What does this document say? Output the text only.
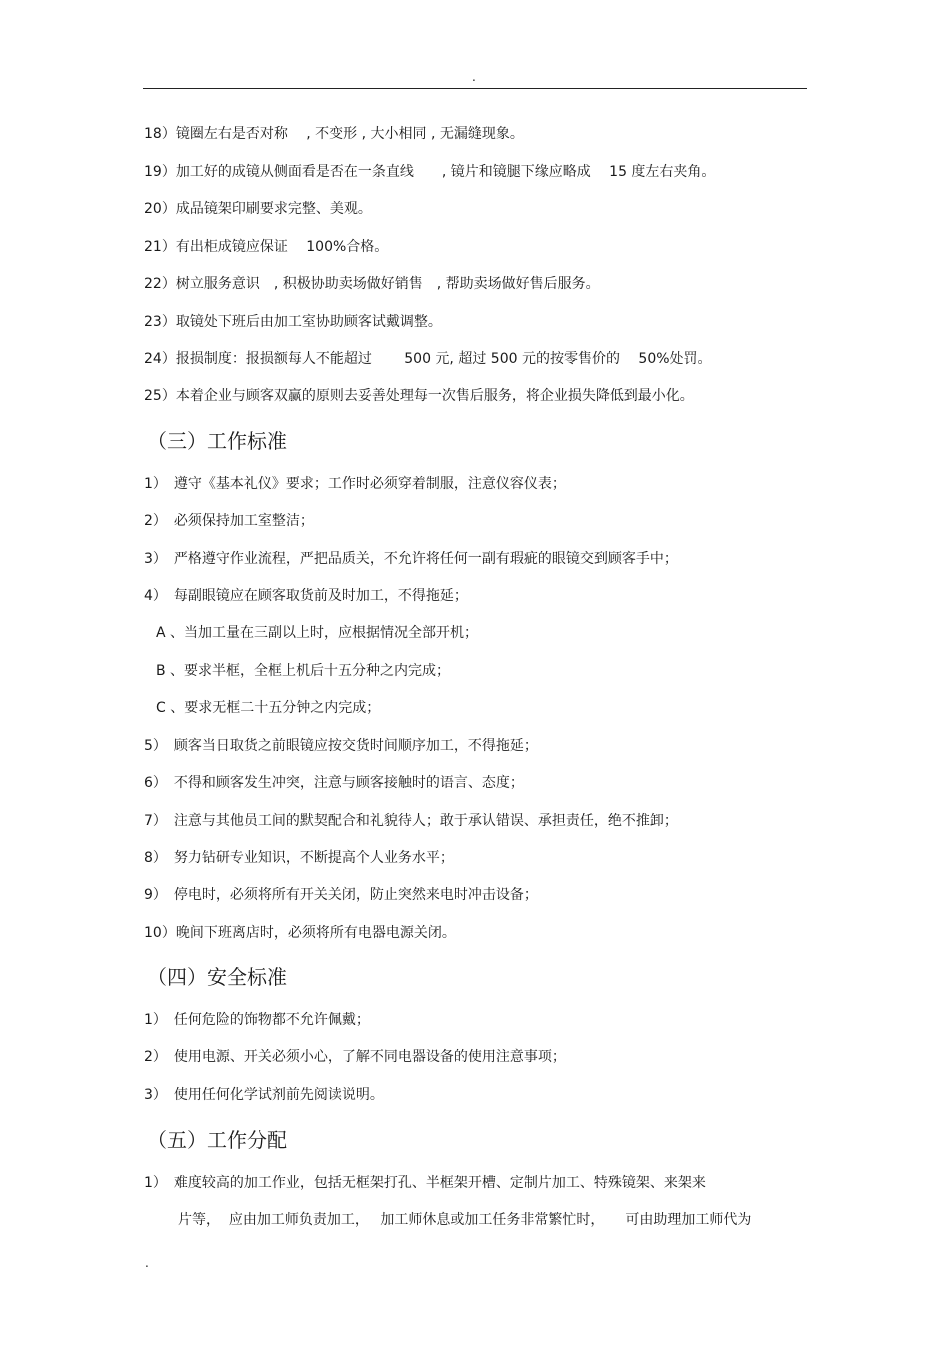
.
18）镜圈左右是否对称　 , 不变形 , 大小相同 , 无漏缝现象。
19）加工好的成镜从侧面看是否在一条直线　　, 镜片和镜腿下缘应略成　 15 度左右夹角。
20）成品镜架印刷要求完整、美观。
21）有出柜成镜应保证　 100%合格。
22）树立服务意识　, 积极协助卖场做好销售　, 帮助卖场做好售后服务。
23）取镜处下班后由加工室协助顾客试戴调整。
24）报损制度：报损额每人不能超过　　 500 元, 超过 500 元的按零售价的　 50%处罚。
25）本着企业与顾客双赢的原则去妥善处理每一次售后服务，将企业损失降低到最小化。
（三）工作标准
1）　遵守《基本礼仪》要求；工作时必须穿着制服，注意仪容仪表；
2）　必须保持加工室整洁；
3）　严格遵守作业流程，严把品质关，不允许将任何一副有瑕疵的眼镜交到顾客手中；
4）　每副眼镜应在顾客取货前及时加工，不得拖延；
A 、当加工量在三副以上时，应根据情况全部开机；
B 、要求半框，全框上机后十五分种之内完成；
C 、要求无框二十五分钟之内完成；
5）　顾客当日取货之前眼镜应按交货时间顺序加工，不得拖延；
6）　不得和顾客发生冲突，注意与顾客接触时的语言、态度；
7）　注意与其他员工间的默契配合和礼貌待人；敢于承认错误、承担责任，绝不推卸；
8）　努力钻研专业知识，不断提高个人业务水平；
9）　停电时，必须将所有开关关闭，防止突然来电时冲击设备；
10）晚间下班离店时，必须将所有电器电源关闭。
（四）安全标准
1）　任何危险的饰物都不允许佩戴；
2）　使用电源、开关必须小心，了解不同电器设备的使用注意事项；
3）　使用任何化学试剂前先阅读说明。
（五）工作分配
1）　难度较高的加工作业，包括无框架打孔、半框架开槽、定制片加工、特殊镜架、来架来
片等，  应由加工师负责加工，　 加工师休息或加工任务非常繁忙时，　　可由助理加工师代为
.
